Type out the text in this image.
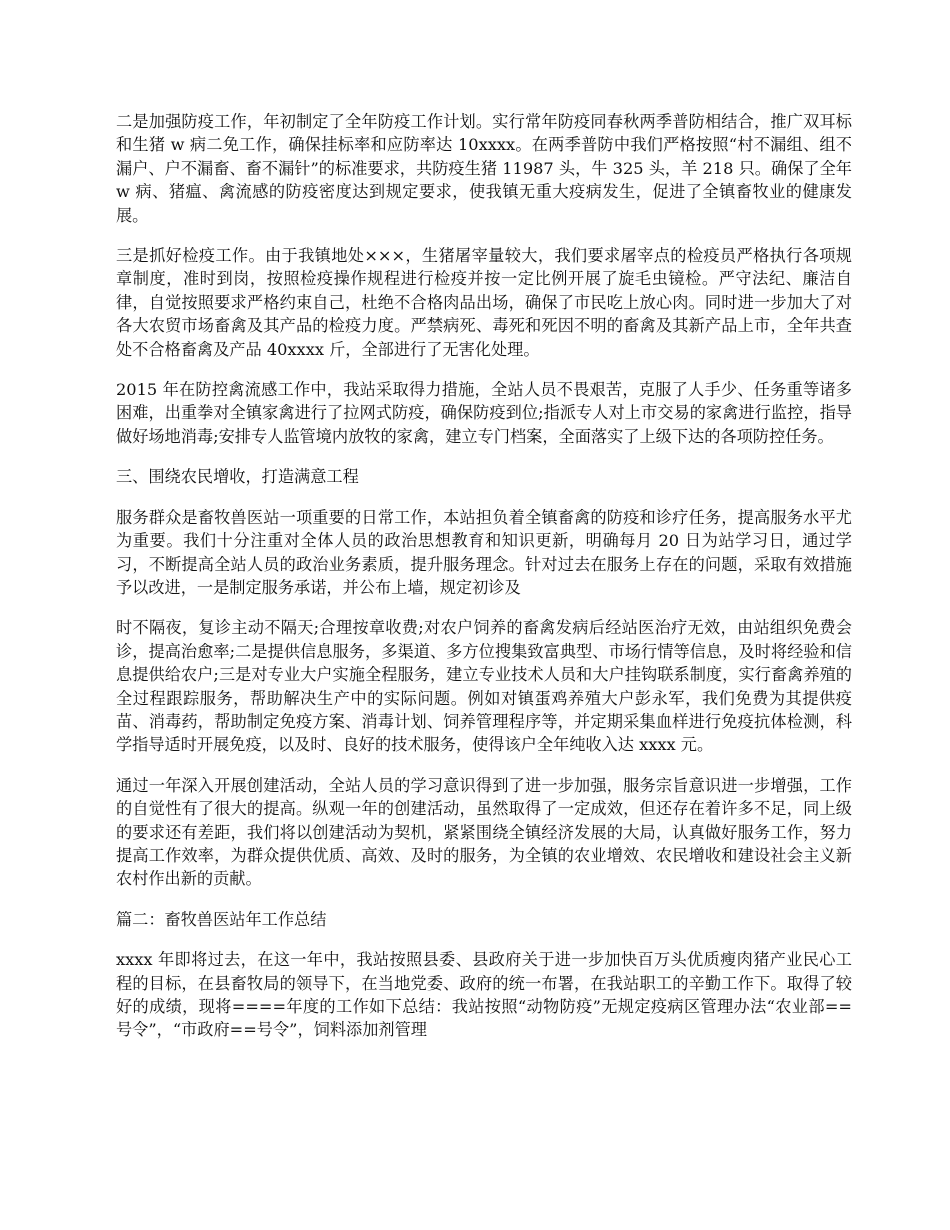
二是加强防疫工作，年初制定了全年防疫工作计划。实行常年防疫同春秋两季普防相结合，推广双耳标和生猪 w 病二免工作，确保挂标率和应防率达 10xxxx。在两季普防中我们严格按照“村不漏组、组不漏户、户不漏畜、畜不漏针”的标准要求，共防疫生猪 11987 头，牛 325 头，羊 218 只。确保了全年 w 病、猪瘟、禽流感的防疫密度达到规定要求，使我镇无重大疫病发生，促进了全镇畜牧业的健康发展。

三是抓好检疫工作。由于我镇地处×××，生猪屠宰量较大，我们要求屠宰点的检疫员严格执行各项规章制度，准时到岗，按照检疫操作规程进行检疫并按一定比例开展了旋毛虫镜检。严守法纪、廉洁自律，自觉按照要求严格约束自己，杜绝不合格肉品出场，确保了市民吃上放心肉。同时进一步加大了对各大农贸市场畜禽及其产品的检疫力度。严禁病死、毒死和死因不明的畜禽及其新产品上市，全年共查处不合格畜禽及产品 40xxxx 斤，全部进行了无害化处理。

2015 年在防控禽流感工作中，我站采取得力措施，全站人员不畏艰苦，克服了人手少、任务重等诸多困难，出重拳对全镇家禽进行了拉网式防疫，确保防疫到位;指派专人对上市交易的家禽进行监控，指导做好场地消毒;安排专人监管境内放牧的家禽，建立专门档案，全面落实了上级下达的各项防控任务。

三、围绕农民增收，打造满意工程

服务群众是畜牧兽医站一项重要的日常工作，本站担负着全镇畜禽的防疫和诊疗任务，提高服务水平尤为重要。我们十分注重对全体人员的政治思想教育和知识更新，明确每月 20 日为站学习日，通过学习，不断提高全站人员的政治业务素质，提升服务理念。针对过去在服务上存在的问题，采取有效措施予以改进，一是制定服务承诺，并公布上墙，规定初诊及

时不隔夜，复诊主动不隔天;合理按章收费;对农户饲养的畜禽发病后经站医治疗无效，由站组织免费会诊，提高治愈率;二是提供信息服务，多渠道、多方位搜集致富典型、市场行情等信息，及时将经验和信息提供给农户;三是对专业大户实施全程服务，建立专业技术人员和大户挂钩联系制度，实行畜禽养殖的全过程跟踪服务，帮助解决生产中的实际问题。例如对镇蛋鸡养殖大户彭永军，我们免费为其提供疫苗、消毒药，帮助制定免疫方案、消毒计划、饲养管理程序等，并定期采集血样进行免疫抗体检测，科学指导适时开展免疫，以及时、良好的技术服务，使得该户全年纯收入达 xxxx 元。

通过一年深入开展创建活动，全站人员的学习意识得到了进一步加强，服务宗旨意识进一步增强，工作的自觉性有了很大的提高。纵观一年的创建活动，虽然取得了一定成效，但还存在着许多不足，同上级的要求还有差距，我们将以创建活动为契机，紧紧围绕全镇经济发展的大局，认真做好服务工作，努力提高工作效率，为群众提供优质、高效、及时的服务，为全镇的农业增效、农民增收和建设社会主义新农村作出新的贡献。

篇二：畜牧兽医站年工作总结

xxxx 年即将过去，在这一年中，我站按照县委、县政府关于进一步加快百万头优质瘦肉猪产业民心工程的目标，在县畜牧局的领导下，在当地党委、政府的统一布署，在我站职工的辛勤工作下。取得了较好的成绩，现将====年度的工作如下总结：我站按照“动物防疫”无规定疫病区管理办法“农业部==号令”，“市政府==号令”，饲料添加剂管理
